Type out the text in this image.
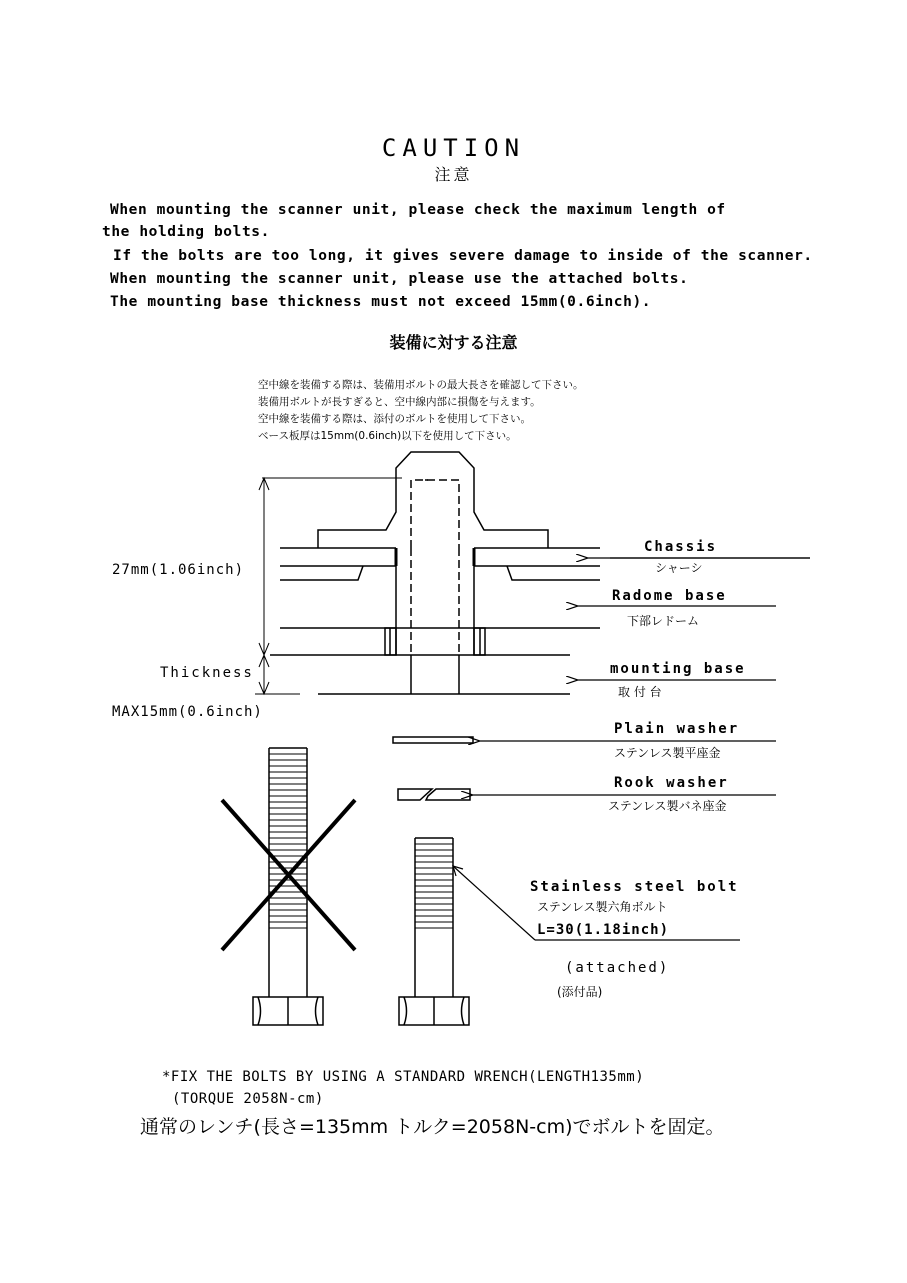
CAUTION
注意
When mounting the scanner unit, please check the maximum length of
the holding bolts.
If the bolts are too long, it gives severe damage to inside of the scanner.
When mounting the scanner unit, please use the attached bolts.
The mounting base thickness must not exceed 15mm(0.6inch).
装備に対する注意
空中線を装備する際は、装備用ボルトの最大長さを確認して下さい。
装備用ボルトが長すぎると、空中線内部に損傷を与えます。
空中線を装備する際は、添付のボルトを使用して下さい。
ベース板厚は15mm(0.6inch)以下を使用して下さい。
27mm(1.06inch)
Thickness
MAX15mm(0.6inch)
Chassis
シャーシ
Radome base
下部レドーム
mounting base
取 付 台
Plain washer
ステンレス製平座金
Rook washer
ステンレス製バネ座金
Stainless steel bolt
ステンレス製六角ボルト
L=30(1.18inch)
(attached)
(添付品)
*FIX THE BOLTS BY USING A STANDARD WRENCH(LENGTH135mm)
(TORQUE 2058N-cm)
通常のレンチ(長さ=135mm トルク=2058N-cm)でボルトを固定。
